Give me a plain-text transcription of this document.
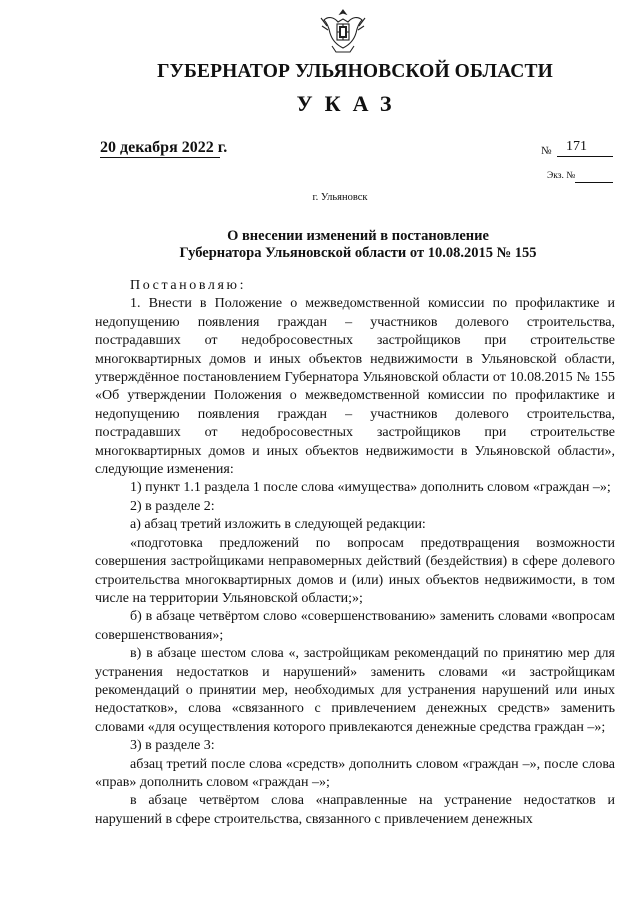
ГУБЕРНАТОР УЛЬЯНОВСКОЙ ОБЛАСТИ
УКАЗ
20 декабря 2022 г.	№ 171
Экз. №
г. Ульяновск
О внесении изменений в постановление
Губернатора Ульяновской области от 10.08.2015 № 155

Постановляю:

1. Внести в Положение о межведомственной комиссии по профилактике и недопущению появления граждан – участников долевого строительства, пострадавших от недобросовестных застройщиков при строительстве многоквартирных домов и иных объектов недвижимости в Ульяновской области, утверждённое постановлением Губернатора Ульяновской области от 10.08.2015 № 155 «Об утверждении Положения о межведомственной комиссии по профилактике и недопущению появления граждан – участников долевого строительства, пострадавших от недобросовестных застройщиков при строительстве многоквартирных домов и иных объектов недвижимости в Ульяновской области», следующие изменения:

1) пункт 1.1 раздела 1 после слова «имущества» дополнить словом «граждан –»;

2) в разделе 2:

а) абзац третий изложить в следующей редакции:

«подготовка предложений по вопросам предотвращения возможности совершения застройщиками неправомерных действий (бездействия) в сфере долевого строительства многоквартирных домов и (или) иных объектов недвижимости, в том числе на территории Ульяновской области;»;

б) в абзаце четвёртом слово «совершенствованию» заменить словами «вопросам совершенствования»;

в) в абзаце шестом слова «, застройщикам рекомендаций по принятию мер для устранения недостатков и нарушений» заменить словами «и застройщикам рекомендаций о принятии мер, необходимых для устранения нарушений или иных недостатков», слова «связанного с привлечением денежных средств» заменить словами «для осуществления которого привлекаются денежные средства граждан –»;

3) в разделе 3:

абзац третий после слова «средств» дополнить словом «граждан –», после слова «прав» дополнить словом «граждан –»;

в абзаце четвёртом слова «направленные на устранение недостатков и нарушений в сфере строительства, связанного с привлечением денежных
